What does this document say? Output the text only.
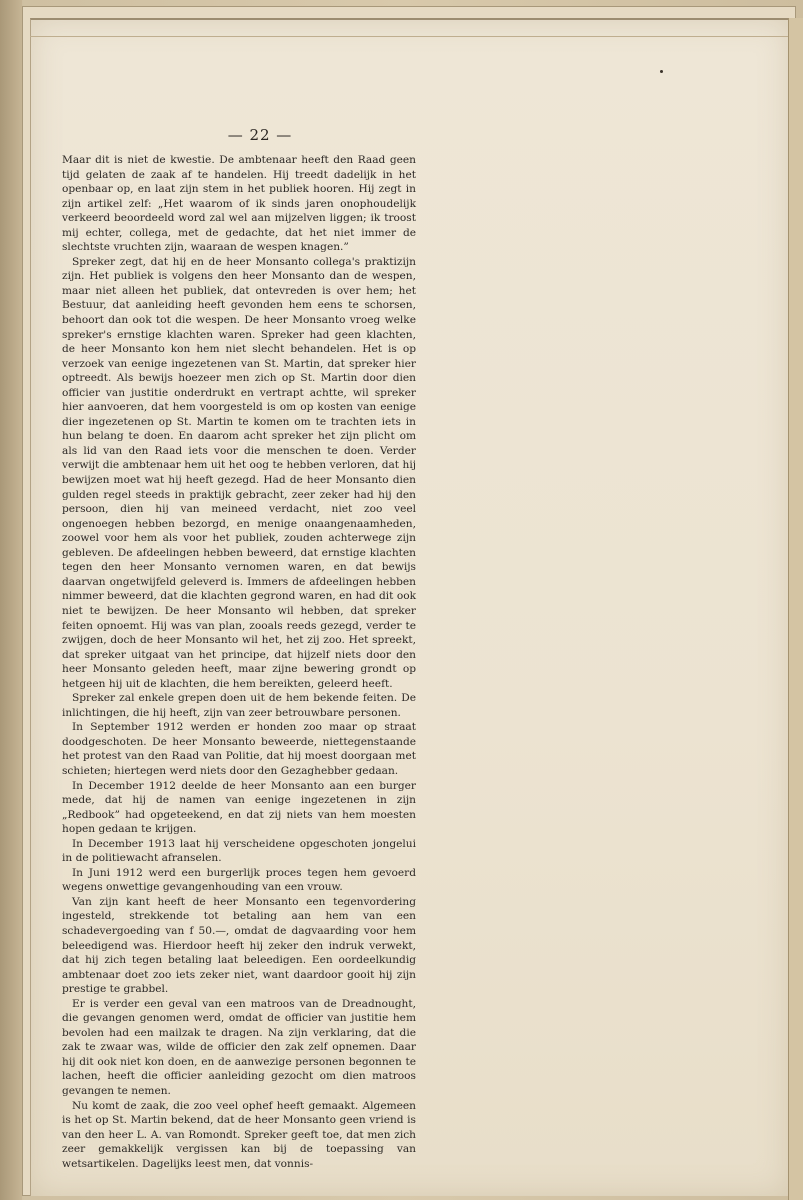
— 22 —

Maar dit is niet de kwestie. De ambtenaar heeft den Raad geen tijd gelaten de zaak af te handelen. Hij treedt dadelijk in het openbaar op, en laat zijn stem in het publiek hooren. Hij zegt in zijn artikel zelf: „Het waarom of ik sinds jaren onophoudelijk verkeerd beoordeeld word zal wel aan mijzelven liggen; ik troost mij echter, collega, met de gedachte, dat het niet immer de slechtste vruchten zijn, waaraan de wespen knagen.”

Spreker zegt, dat hij en de heer Monsanto collega's praktizijn zijn. Het publiek is volgens den heer Monsanto dan de wespen, maar niet alleen het publiek, dat ontevreden is over hem; het Bestuur, dat aanleiding heeft gevonden hem eens te schorsen, behoort dan ook tot die wespen. De heer Monsanto vroeg welke spreker's ernstige klachten waren. Spreker had geen klachten, de heer Monsanto kon hem niet slecht behandelen. Het is op verzoek van eenige ingezetenen van St. Martin, dat spreker hier optreedt. Als bewijs hoezeer men zich op St. Martin door dien officier van justitie onderdrukt en vertrapt achtte, wil spreker hier aanvoeren, dat hem voorgesteld is om op kosten van eenige dier ingezetenen op St. Martin te komen om te trachten iets in hun belang te doen. En daarom acht spreker het zijn plicht om als lid van den Raad iets voor die menschen te doen. Verder verwijt die ambtenaar hem uit het oog te hebben verloren, dat hij bewijzen moet wat hij heeft gezegd. Had de heer Monsanto dien gulden regel steeds in praktijk gebracht, zeer zeker had hij den persoon, dien hij van meineed verdacht, niet zoo veel ongenoegen hebben bezorgd, en menige onaangenaamheden, zoowel voor hem als voor het publiek, zouden achterwege zijn gebleven. De afdeelingen hebben beweerd, dat ernstige klachten tegen den heer Monsanto vernomen waren, en dat bewijs daarvan ongetwijfeld geleverd is. Immers de afdeelingen hebben nimmer beweerd, dat die klachten gegrond waren, en had dit ook niet te bewijzen. De heer Monsanto wil hebben, dat spreker feiten opnoemt. Hij was van plan, zooals reeds gezegd, verder te zwijgen, doch de heer Monsanto wil het, het zij zoo. Het spreekt, dat spreker uitgaat van het principe, dat hijzelf niets door den heer Monsanto geleden heeft, maar zijne bewering grondt op hetgeen hij uit de klachten, die hem bereikten, geleerd heeft.

Spreker zal enkele grepen doen uit de hem bekende feiten. De inlichtingen, die hij heeft, zijn van zeer betrouwbare personen.

In September 1912 werden er honden zoo maar op straat doodgeschoten. De heer Monsanto beweerde, niettegenstaande het protest van den Raad van Politie, dat hij moest doorgaan met schieten; hiertegen werd niets door den Gezaghebber gedaan.

In December 1912 deelde de heer Monsanto aan een burger mede, dat hij de namen van eenige ingezetenen in zijn „Redbook” had opgeteekend, en dat zij niets van hem moesten hopen gedaan te krijgen.

In December 1913 laat hij verscheidene opgeschoten jongelui in de politiewacht afranselen.

In Juni 1912 werd een burgerlijk proces tegen hem gevoerd wegens onwettige gevangenhouding van een vrouw.

Van zijn kant heeft de heer Monsanto een tegenvordering ingesteld, strekkende tot betaling aan hem van een schadevergoeding van f 50.—, omdat de dagvaarding voor hem beleedigend was. Hierdoor heeft hij zeker den indruk verwekt, dat hij zich tegen betaling laat beleedigen. Een oordeelkundig ambtenaar doet zoo iets zeker niet, want daardoor gooit hij zijn prestige te grabbel.

Er is verder een geval van een matroos van de Dreadnought, die gevangen genomen werd, omdat de officier van justitie hem bevolen had een mailzak te dragen. Na zijn verklaring, dat die zak te zwaar was, wilde de officier den zak zelf opnemen. Daar hij dit ook niet kon doen, en de aanwezige personen begonnen te lachen, heeft die officier aanleiding gezocht om dien matroos gevangen te nemen.

Nu komt de zaak, die zoo veel ophef heeft gemaakt. Algemeen is het op St. Martin bekend, dat de heer Monsanto geen vriend is van den heer L. A. van Romondt. Spreker geeft toe, dat men zich zeer gemakkelijk vergissen kan bij de toepassing van wetsartikelen. Dagelijks leest men, dat vonnis-
